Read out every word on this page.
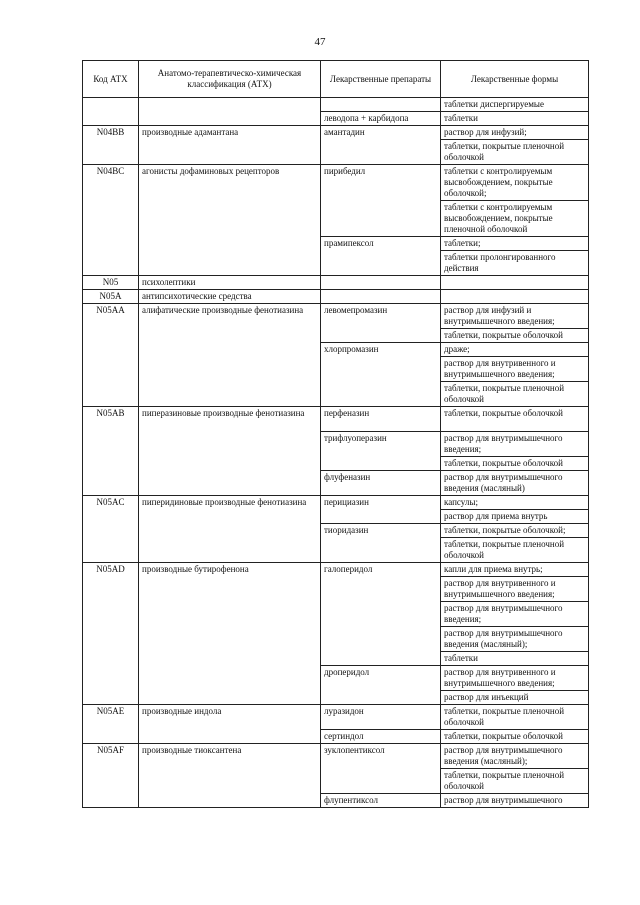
47
Код АТХ	Анатомо-терапевтическо-химическая классификация (АТХ)	Лекарственные препараты	Лекарственные формы
			таблетки диспергируемые
		леводопа + карбидопа	таблетки
N04BB	производные адамантана	амантадин	раствор для инфузий;
			таблетки, покрытые пленочной оболочкой
N04BC	агонисты дофаминовых рецепторов	пирибедил	таблетки с контролируемым высвобождением, покрытые оболочкой;
			таблетки с контролируемым высвобождением, покрытые пленочной оболочкой
		прамипексол	таблетки;
			таблетки пролонгированного действия
N05	психолептики		
N05A	антипсихотические средства		
N05AA	алифатические производные фенотиазина	левомепромазин	раствор для инфузий и внутримышечного введения;
			таблетки, покрытые оболочкой
		хлорпромазин	драже;
			раствор для внутривенного и внутримышечного введения;
			таблетки, покрытые пленочной оболочкой
N05AB	пиперазиновые производные фенотиазина	перфеназин	таблетки, покрытые оболочкой
		трифлуоперазин	раствор для внутримышечного введения;
			таблетки, покрытые оболочкой
		флуфеназин	раствор для внутримышечного введения (масляный)
N05AC	пиперидиновые производные фенотиазина	перициазин	капсулы;
			раствор для приема внутрь
		тиоридазин	таблетки, покрытые оболочкой;
			таблетки, покрытые пленочной оболочкой
N05AD	производные бутирофенона	галоперидол	капли для приема внутрь;
			раствор для внутривенного и внутримышечного введения;
			раствор для внутримышечного введения;
			раствор для внутримышечного введения (масляный);
			таблетки
		дроперидол	раствор для внутривенного и внутримышечного введения;
			раствор для инъекций
N05AE	производные индола	луразидон	таблетки, покрытые пленочной оболочкой
		сертиндол	таблетки, покрытые оболочкой
N05AF	производные тиоксантена	зуклопентиксол	раствор для внутримышечного введения (масляный);
			таблетки, покрытые пленочной оболочкой
		флупентиксол	раствор для внутримышечного
